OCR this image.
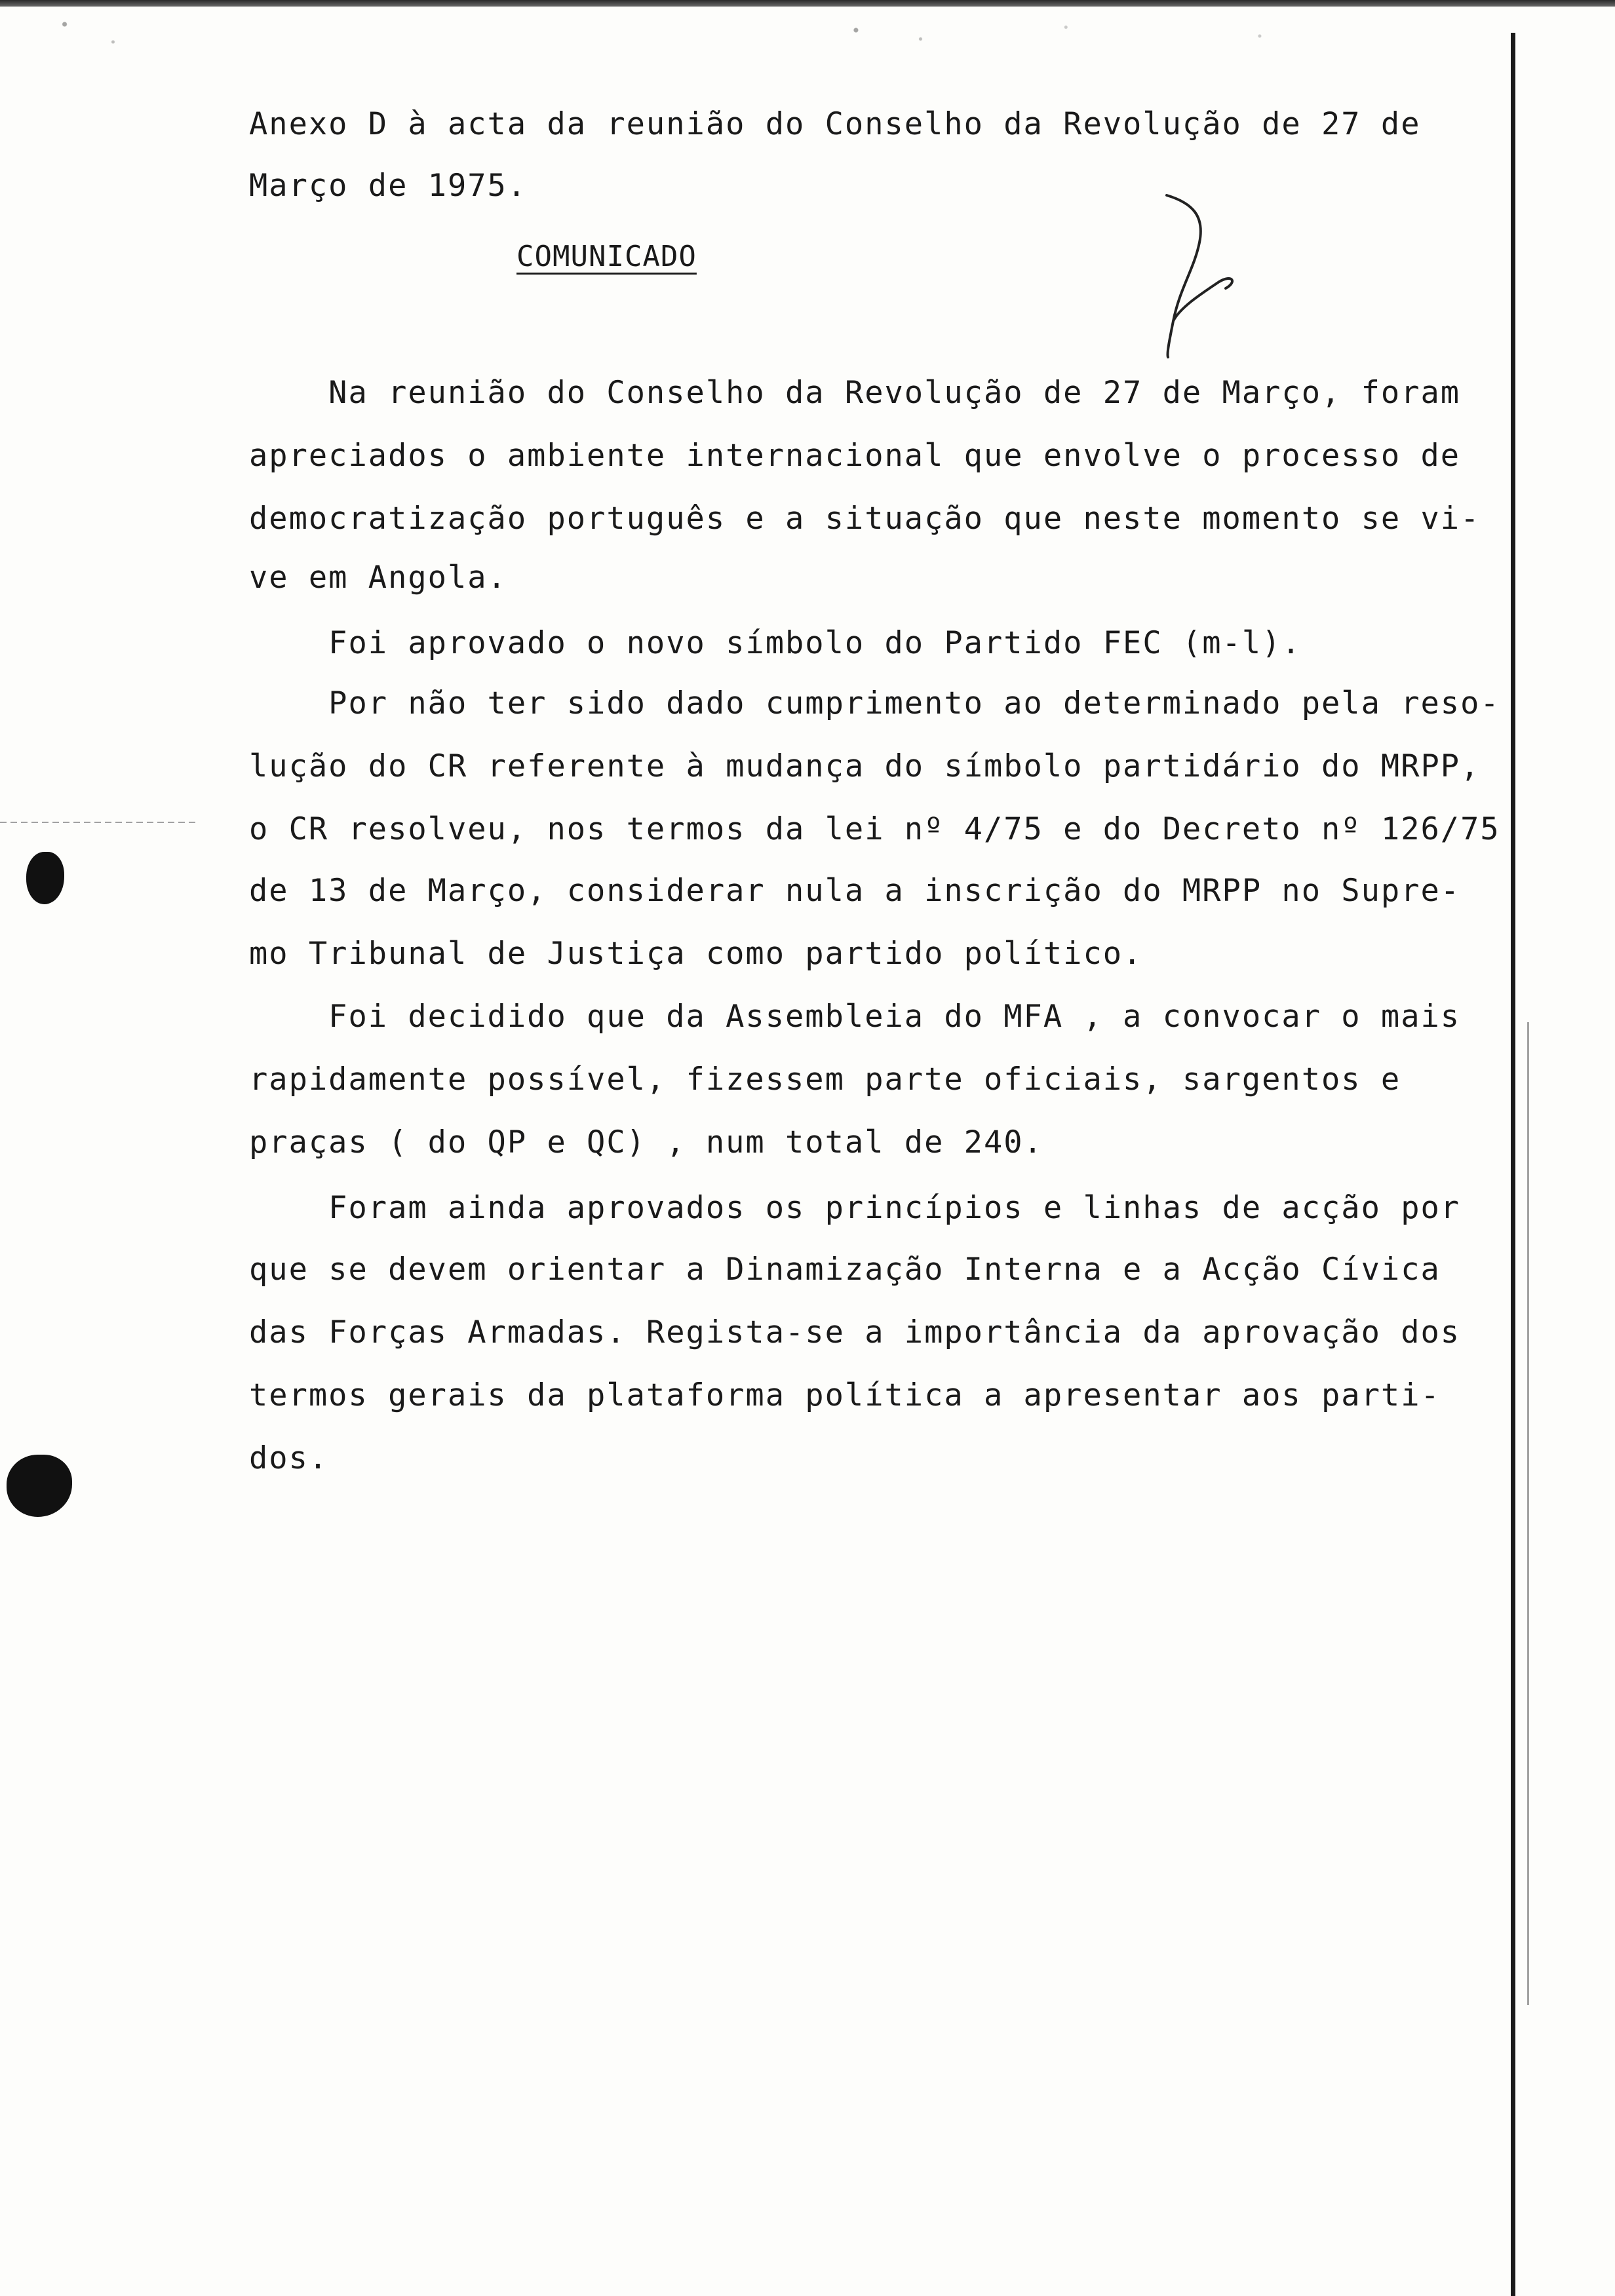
Anexo D à acta da reunião do Conselho da Revolução de 27 de
Março de 1975.
COMUNICADO
Na reunião do Conselho da Revolução de 27 de Março, foram
apreciados o ambiente internacional que envolve o processo de
democratização português e a situação que neste momento se vi-
ve em Angola.
Foi aprovado o novo símbolo do Partido FEC (m-l).
Por não ter sido dado cumprimento ao determinado pela reso-
lução do CR referente à mudança do símbolo partidário do MRPP,
o CR resolveu, nos termos da lei nº 4/75 e do Decreto nº 126/75
de 13 de Março, considerar nula a inscrição do MRPP no Supre-
mo Tribunal de Justiça como partido político.
Foi decidido que da Assembleia do MFA , a convocar o mais
rapidamente possível, fizessem parte oficiais, sargentos e
praças ( do QP e QC) , num total de 240.
Foram ainda aprovados os princípios e linhas de acção por
que se devem orientar a Dinamização Interna e a Acção Cívica
das Forças Armadas. Regista-se a importância da aprovação dos
termos gerais da plataforma política a apresentar aos parti-
dos.
